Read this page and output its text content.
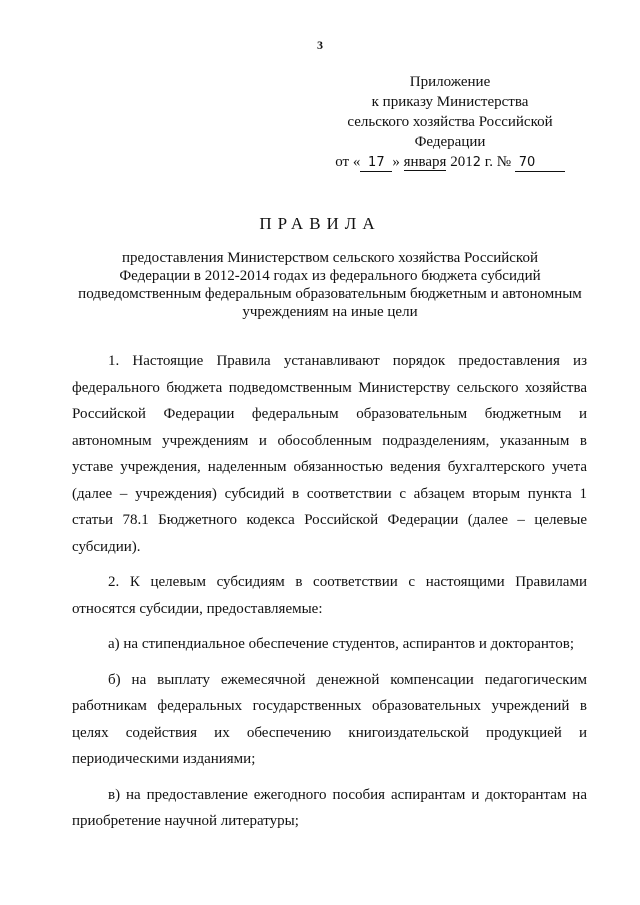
3
Приложение
к приказу Министерства
сельского хозяйства Российской
Федерации
от « 17 » января 2012 г. № 70
ПРАВИЛА
предоставления Министерством сельского хозяйства Российской
Федерации в 2012-2014 годах из федерального бюджета субсидий
подведомственным федеральным образовательным бюджетным и автономным
учреждениям на иные цели

1. Настоящие Правила устанавливают порядок предоставления из федерального бюджета подведомственным Министерству сельского хозяйства Российской Федерации федеральным образовательным бюджетным и автономным учреждениям и обособленным подразделениям, указанным в уставе учреждения, наделенным обязанностью ведения бухгалтерского учета (далее – учреждения) субсидий в соответствии с абзацем вторым пункта 1 статьи 78.1 Бюджетного кодекса Российской Федерации (далее – целевые субсидии).

2. К целевым субсидиям в соответствии с настоящими Правилами относятся субсидии, предоставляемые:

а) на стипендиальное обеспечение студентов, аспирантов и докторантов;

б) на выплату ежемесячной денежной компенсации педагогическим работникам федеральных государственных образовательных учреждений в целях содействия их обеспечению книгоиздательской продукцией и периодическими изданиями;

в) на предоставление ежегодного пособия аспирантам и докторантам на приобретение научной литературы;
